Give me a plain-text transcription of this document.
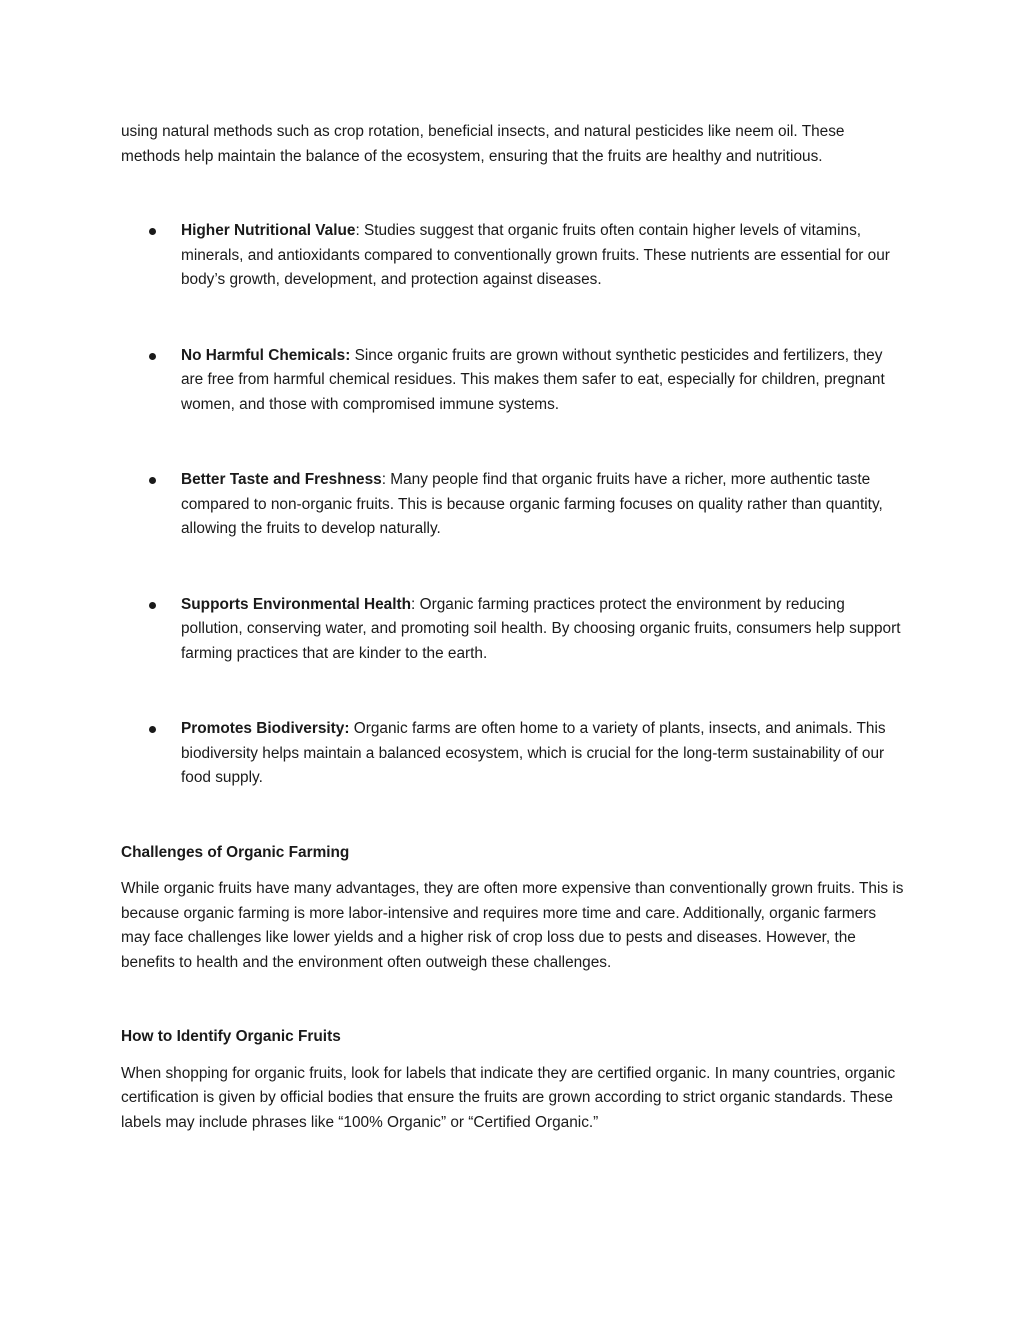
using natural methods such as crop rotation, beneficial insects, and natural pesticides like neem oil. These methods help maintain the balance of the ecosystem, ensuring that the fruits are healthy and nutritious.

Higher Nutritional Value: Studies suggest that organic fruits often contain higher levels of vitamins, minerals, and antioxidants compared to conventionally grown fruits. These nutrients are essential for our body’s growth, development, and protection against diseases.
No Harmful Chemicals: Since organic fruits are grown without synthetic pesticides and fertilizers, they are free from harmful chemical residues. This makes them safer to eat, especially for children, pregnant women, and those with compromised immune systems.
Better Taste and Freshness: Many people find that organic fruits have a richer, more authentic taste compared to non-organic fruits. This is because organic farming focuses on quality rather than quantity, allowing the fruits to develop naturally.
Supports Environmental Health: Organic farming practices protect the environment by reducing pollution, conserving water, and promoting soil health. By choosing organic fruits, consumers help support farming practices that are kinder to the earth.
Promotes Biodiversity: Organic farms are often home to a variety of plants, insects, and animals. This biodiversity helps maintain a balanced ecosystem, which is crucial for the long-term sustainability of our food supply.
Challenges of Organic Farming

While organic fruits have many advantages, they are often more expensive than conventionally grown fruits. This is because organic farming is more labor-intensive and requires more time and care. Additionally, organic farmers may face challenges like lower yields and a higher risk of crop loss due to pests and diseases. However, the benefits to health and the environment often outweigh these challenges.

How to Identify Organic Fruits

When shopping for organic fruits, look for labels that indicate they are certified organic. In many countries, organic certification is given by official bodies that ensure the fruits are grown according to strict organic standards. These labels may include phrases like “100% Organic” or “Certified Organic.”
